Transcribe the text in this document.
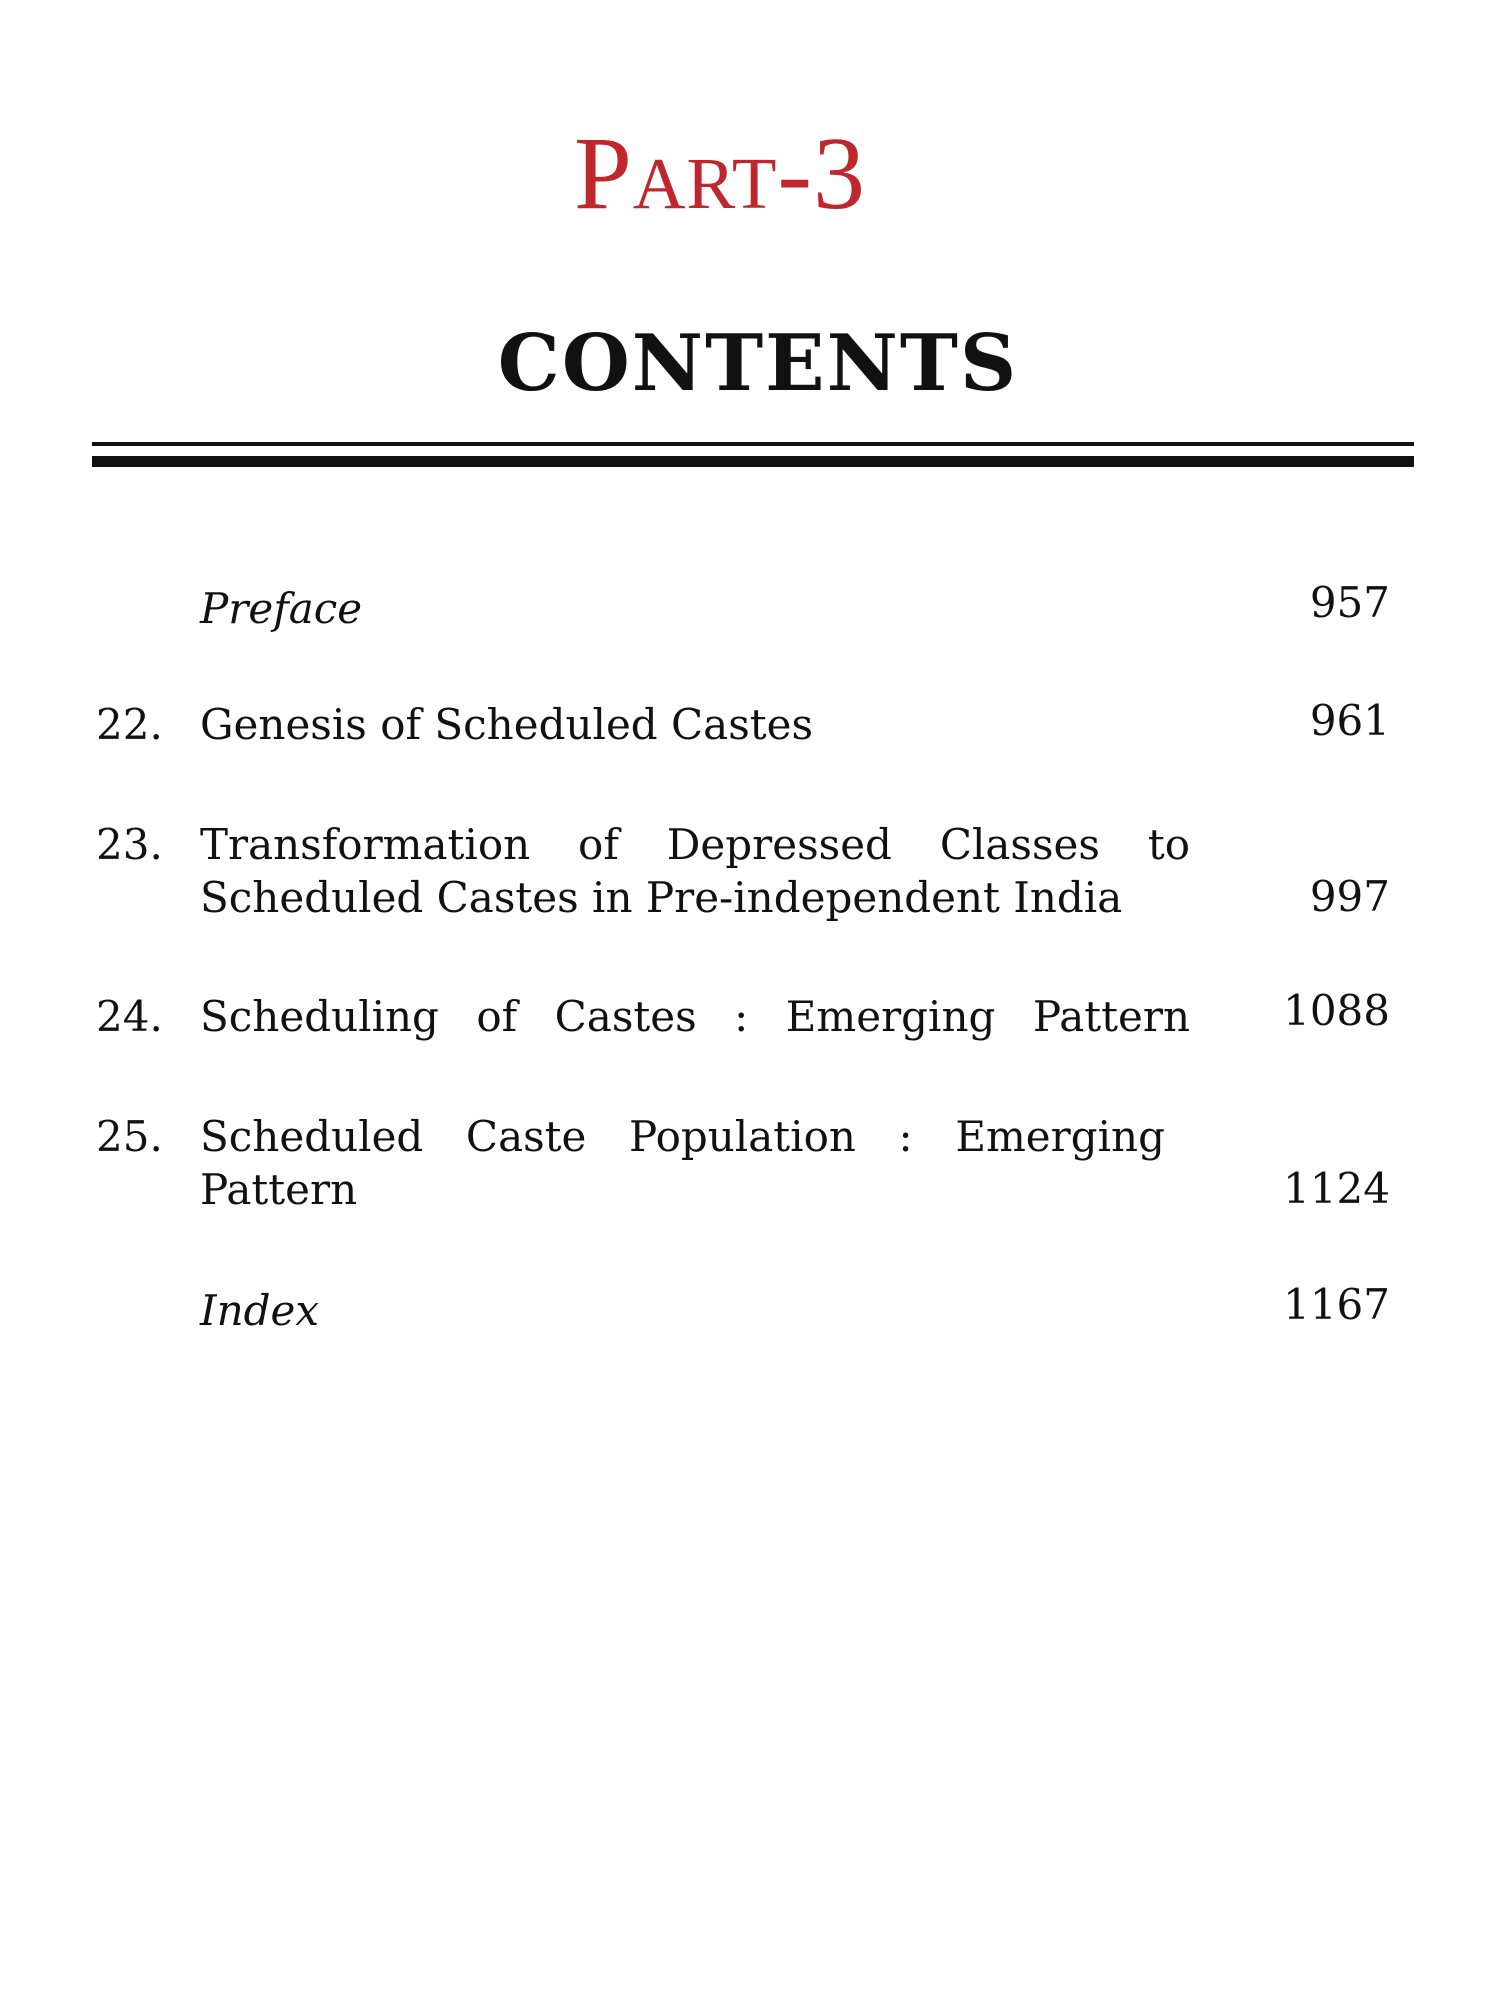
Part-3
CONTENTS
Preface	957
22. Genesis of Scheduled Castes	961
23. Transformation of Depressed Classes to Scheduled Castes in Pre-independent India	997
24. Scheduling of Castes : Emerging Pattern	1088
25. Scheduled Caste Population : Emerging Pattern	1124
Index	1167
